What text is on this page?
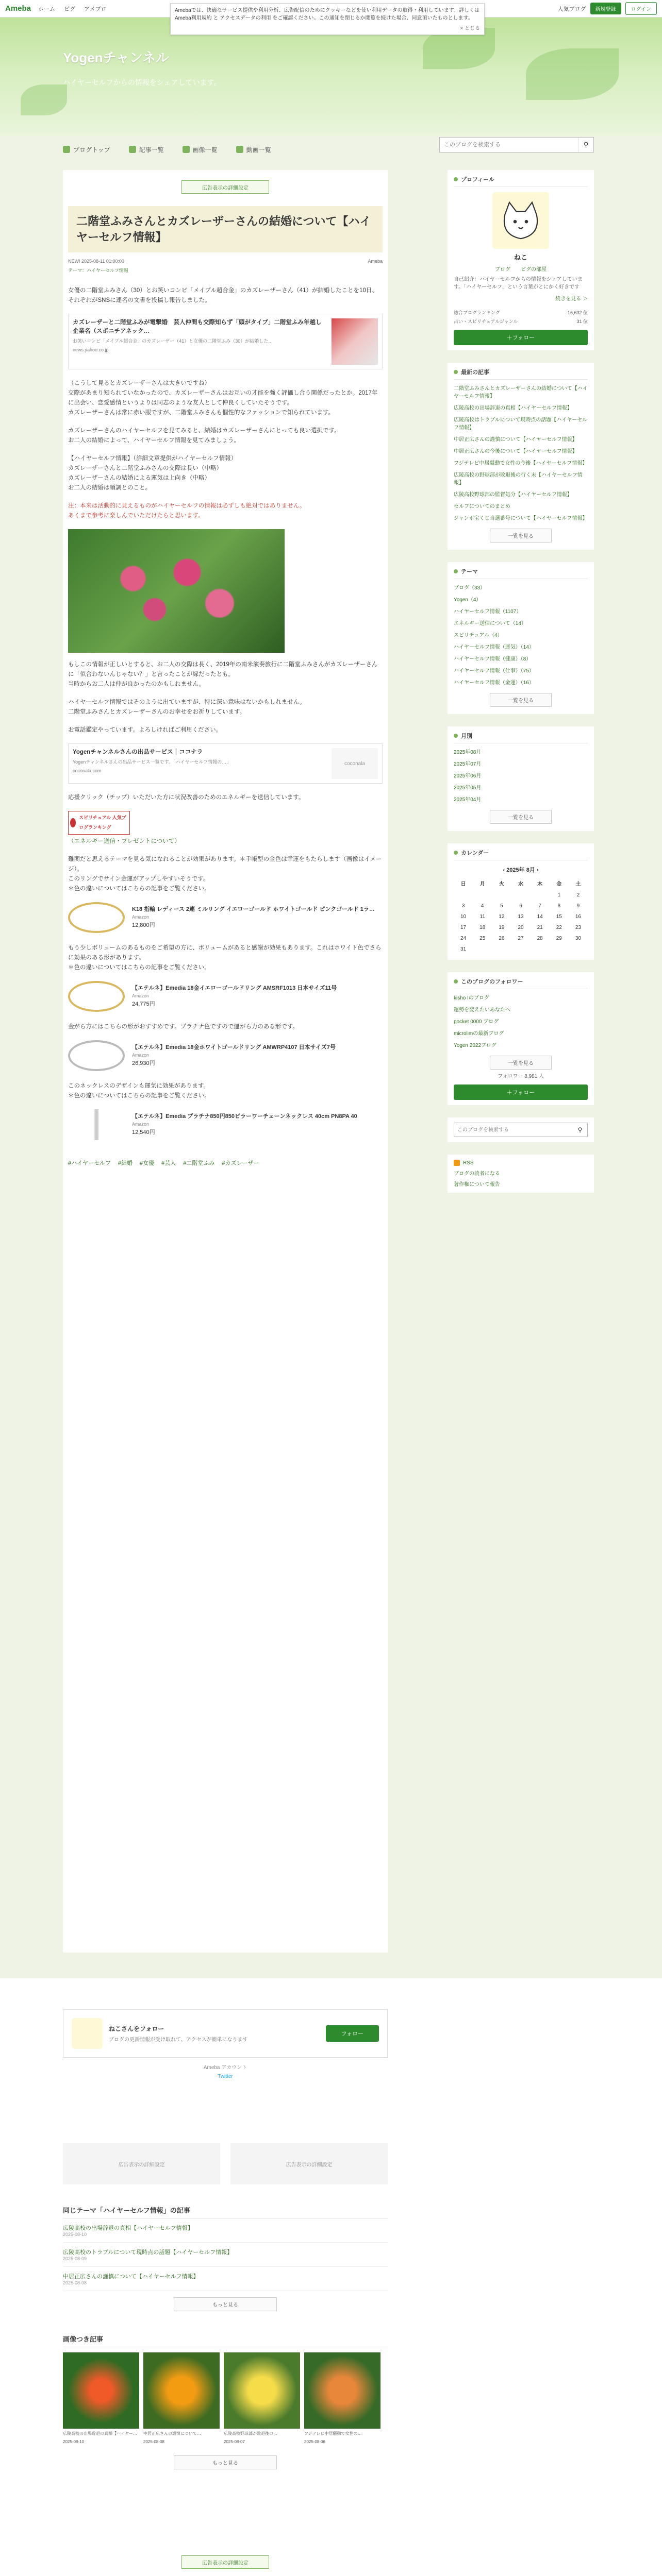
Ameba ホーム ピグ アメブロ	人気ブログ	新規登録	ログイン
Amebaでは、快適なサービス提供や利用分析、広告配信のためにクッキーなどを使い利用データの取得・利用しています。詳しくは Ameba利用規約 と アクセスデータの利用 をご確認ください。この通知を閉じるか閲覧を続けた場合、同意頂いたものとします。
× とじる
Yogenチャンネル
ハイヤーセルフからの情報をシェアしています。
ブログトップ	記事一覧	画像一覧	動画一覧
このブログを検索する
⚲
広告表示の詳細設定
二階堂ふみさんとカズレーザーさんの結婚について【ハイヤーセルフ情報】
NEW! 2025-08-11 01:00:00	Ameba
テーマ：ハイヤーセルフ情報

女優の二階堂ふみさん（30）とお笑いコンビ「メイプル超合金」のカズレーザーさん（41）が結婚したことを10日、それぞれがSNSに連名の文書を投稿し報告しました。

カズレーザーと二階堂ふみが電撃婚　芸人仲間も交際知らず「頭がタイプ」二階堂ふみ年越し企業名（スポニチアネック…
お笑いコンビ「メイプル超合金」のカズレーザー（41）と女優の二階堂ふみ（30）が結婚した…
news.yahoo.co.jp

（こうして見るとカズレーザーさんは大きいですね）
交際があまり知られていなかったので、カズレーザーさんはお互いの才能を強く評価し合う関係だったとか。2017年に出会い、恋愛感情というよりは同志のような友人として仲良くしていたそうです。
カズレーザーさんは常に赤い服ですが、二階堂ふみさんも個性的なファッションで知られています。

カズレーザーさんのハイヤーセルフを見てみると、結婚はカズレーザーさんにとっても良い選択です。
お二人の結婚によって、ハイヤーセルフ情報を見てみましょう。

【ハイヤーセルフ情報】（詳細文章提供がハイヤーセルフ情報）
カズレーザーさんと二階堂ふみさんの交際は長い（中略）
カズレーザーさんの結婚による運気は上向き（中略）
お二人の結婚は順調とのこと。

注：本来は活動的に見えるものがハイヤーセルフの情報は必ずしも絶対ではありません。
あくまで参考に楽しんでいただけたらと思います。

もしこの情報が正しいとすると、お二人の交際は長く、2019年の南米演奏旅行に二階堂ふみさんがカズレーザーさんに「似合わないんじゃない？」と言ったことが縁だったとも。
当時からお二人は仲が良かったのかもしれません。

ハイヤーセルフ情報ではそのように出ていますが、特に深い意味はないかもしれません。
二階堂ふみさんとカズレーザーさんのお幸せをお祈りしています。

お電話鑑定やっています。よろしければご利用ください。

Yogenチャンネルさんの出品サービス｜ココナラ
Yogenチャンネルさんの出品サービス一覧です。「ハイヤーセルフ情報の…」
coconala.com
coconala

応援クリック（チップ）いただいた方に状況改善のためのエネルギーを送信しています。

スピリチュアル 人気ブログランキング

（エネルギー送信・プレゼントについて）

難関だと思えるテーマを見る気になれることが効果があります。＊手帳型の金色は幸運をもたらします（画像はイメージ）。
このリングでサイン金運がアップしやすいそうです。
＊色の違いについてはこちらの記事をご覧ください。

K18 指輪 レディース 2連 ミルリング イエローゴールド ホワイトゴールド ピンクゴールド 1ラ…
Amazon
12,800円

もう少しボリュームのあるものをご希望の方に、ボリュームがあると感謝が効果もあります。これはホワイト色でさらに効果のある形があります。
＊色の違いについてはこちらの記事をご覧ください。

【エテルネ】Emedia 18金イエローゴールドリング AMSRF1013 日本サイズ11号
Amazon
24,775円

金がら方にはこちらの形がおすすめです。プラチナ色ですので運がら力のある形です。

【エテルネ】Emedia 18金ホワイトゴールドリング AMWRP4107 日本サイズ7号
Amazon
26,930円

このネックレスのデザインも運気に効果があります。
＊色の違いについてはこちらの記事をご覧ください。

【エテルネ】Emedia プラチナ850円850ビラーワーチェーンネックレス 40cm PN8PA 40
Amazon
12,540円
#ハイヤーセルフ #結婚 #女優 #芸人 #二階堂ふみ #カズレーザー
プロフィール
ねこ
ブログ ピグの部屋
自己紹介：ハイヤーセルフからの情報をシェアしています。「ハイヤーセルフ」という言葉がとにかく好きです
続きを見る ＞
総合ブログランキング	16,632 位
占い・スピリチュアルジャンル	31 位
＋フォロー
最新の記事
二階堂ふみさんとカズレーザーさんの結婚について【ハイヤーセルフ情報】
広陵高校の出場辞退の真相【ハイヤーセルフ情報】
広陵高校はトラブルについて現時点の話題【ハイヤーセルフ情報】
中居正広さんの謹慎について【ハイヤーセルフ情報】
中居正広さんの今後について【ハイヤーセルフ情報】
フジテレビ中居騒動で女性の今後【ハイヤーセルフ情報】
広陵高校の野球部が敗退後の行く末【ハイヤーセルフ情報】
広陵高校野球部の監督処分【ハイヤーセルフ情報】
セルフについてのまとめ
ジャンボ宝くじ当選番号について【ハイヤーセルフ情報】
一覧を見る
テーマ
ブログ（33）
Yogen（4）
ハイヤーセルフ情報（1107）
エネルギー送信について（14）
スピリチュアル（4）
ハイヤーセルフ情報（運気）（14）
ハイヤーセルフ情報（健康）（8）
ハイヤーセルフ情報（仕事）（75）
ハイヤーセルフ情報（金運）（16）
一覧を見る
月別
2025年08月
2025年07月
2025年06月
2025年05月
2025年04月
一覧を見る
カレンダー
‹ 2025年 8月 ›
日	月	火	水	木	金	土
					1	2
3	4	5	6	7	8	9
10	11	12	13	14	15	16
17	18	19	20	21	22	23
24	25	26	27	28	29	30
31						
このブログのフォロワー
kisho Iのブログ
運勢を変えたいあなたへ
pocket 0000 ブログ
microlimの最新ブログ
Yogen 2022ブログ
一覧を見る
フォロワー 8,981 人
＋フォロー
このブログを検索する
⚲
RSS
ブログの読者になる
著作権について報告
ねこさんをフォロー
ブログの更新情報が受け取れて、アクセスが簡単になります
フォロー
Ameba アカウント
Twitter
広告表示の詳細設定	広告表示の詳細設定
同じテーマ「ハイヤーセルフ情報」の記事
広陵高校の出場辞退の真相【ハイヤーセルフ情報】
2025-08-10
広陵高校のトラブルについて現時点の話題【ハイヤーセルフ情報】
2025-08-09
中居正広さんの謹慎について【ハイヤーセルフ情報】
2025-08-08
もっと見る
画像つき記事
広陵高校の出場辞退の真相【ハイヤー…
2025-08-10
中居正広さんの謹慎について…
2025-08-08
広陵高校野球部が敗退後の…
2025-08-07
フジテレビ中居騒動で女性の…
2025-08-06
もっと見る
広告表示の詳細設定
